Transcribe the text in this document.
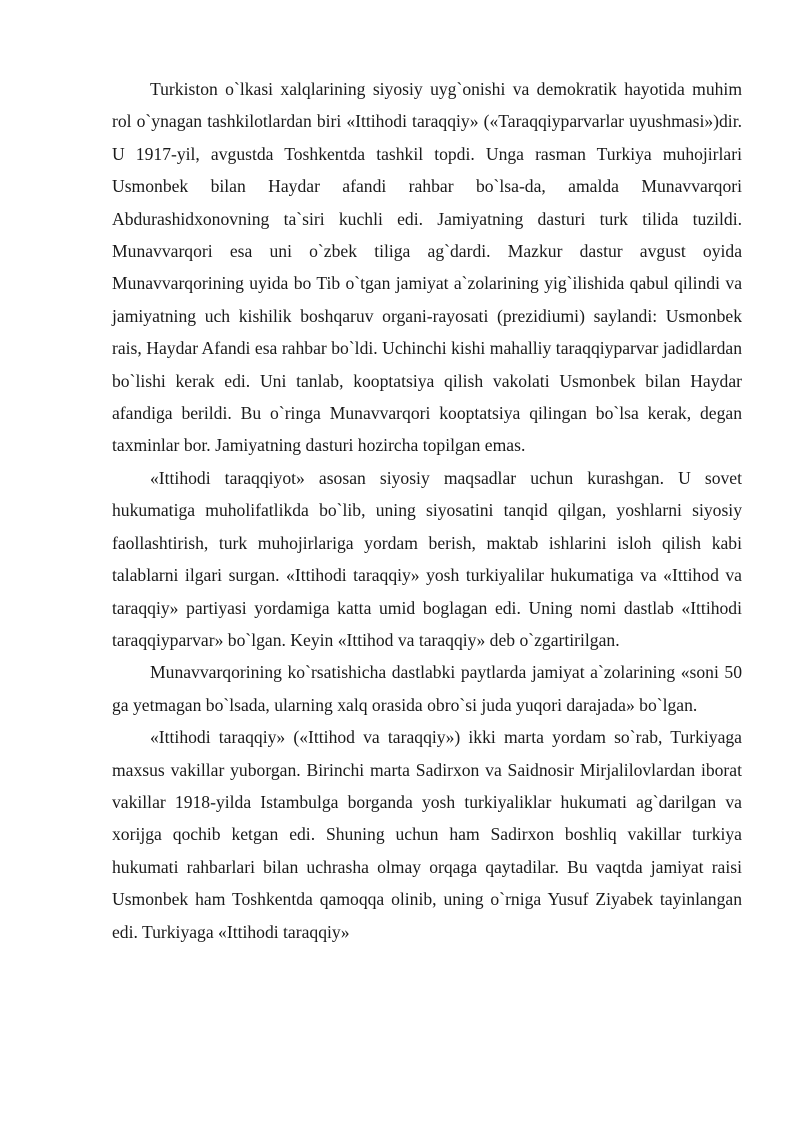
Turkiston o`lkasi xalqlarining siyosiy uyg`onishi va demokratik hayotida muhim rol o`ynagan tashkilotlardan biri «Ittihodi taraqqiy» («Taraqqiyparvarlar uyushmasi»)dir. U 1917-yil, avgustda Toshkentda tashkil topdi. Unga rasman Turkiya muhojirlari Usmonbek bilan Haydar afandi rahbar bo`lsa-da, amalda Munavvarqori Abdurashidxonovning ta`siri kuchli edi. Jamiyatning dasturi turk tilida tuzildi. Munavvarqori esa uni o`zbek tiliga ag`dardi. Mazkur dastur avgust oyida Munavvarqorining uyida bo Tib o`tgan jamiyat a`zolarining yig`ilishida qabul qilindi va jamiyatning uch kishilik boshqaruv organi-rayosati (prezidiumi) saylandi: Usmonbek rais, Haydar Afandi esa rahbar bo`ldi. Uchinchi kishi mahalliy taraqqiyparvar jadidlardan bo`lishi kerak edi. Uni tanlab, kooptatsiya qilish vakolati Usmonbek bilan Haydar afandiga berildi. Bu o`ringa Munavvarqori kooptatsiya qilingan bo`lsa kerak, degan taxminlar bor. Jamiyatning dasturi hozircha topilgan emas.

«Ittihodi taraqqiyot» asosan siyosiy maqsadlar uchun kurashgan. U sovet hukumatiga muholifatlikda bo`lib, uning siyosatini tanqid qilgan, yoshlarni siyosiy faollashtirish, turk muhojirlariga yordam berish, maktab ishlarini isloh qilish kabi talablarni ilgari surgan. «Ittihodi taraqqiy» yosh turkiyalilar hukumatiga va «Ittihod va taraqqiy» partiyasi yordamiga katta umid boglagan edi. Uning nomi dastlab «Ittihodi taraqqiyparvar» bo`lgan. Keyin «Ittihod va taraqqiy» deb o`zgartirilgan.

Munavvarqorining ko`rsatishicha dastlabki paytlarda jamiyat a`zolarining «soni 50 ga yetmagan bo`lsada, ularning xalq orasida obro`si juda yuqori darajada» bo`lgan.

«Ittihodi taraqqiy» («Ittihod va taraqqiy») ikki marta yordam so`rab, Turkiyaga maxsus vakillar yuborgan. Birinchi marta Sadirxon va Saidnosir Mirjalilovlardan iborat vakillar 1918-yilda Istambulga borganda yosh turkiyaliklar hukumati ag`darilgan va xorijga qochib ketgan edi. Shuning uchun ham Sadirxon boshliq vakillar turkiya hukumati rahbarlari bilan uchrasha olmay orqaga qaytadilar. Bu vaqtda jamiyat raisi Usmonbek ham Toshkentda qamoqqa olinib, uning o`rniga Yusuf Ziyabek tayinlangan edi. Turkiyaga «Ittihodi taraqqiy»
